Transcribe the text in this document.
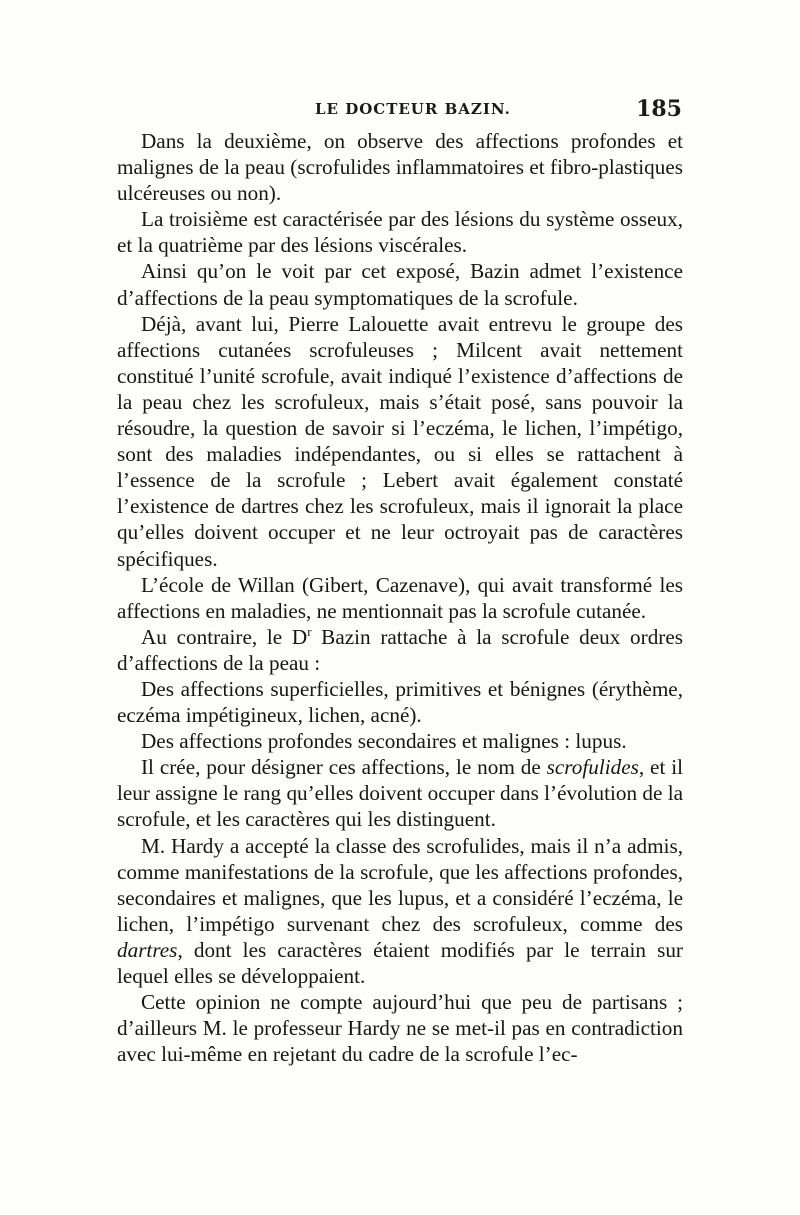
LE DOCTEUR BAZIN.	185

Dans la deuxième, on observe des affections profondes et malignes de la peau (scrofulides inflammatoires et fibro-plastiques ulcéreuses ou non).

La troisième est caractérisée par des lésions du système osseux, et la quatrième par des lésions viscérales.

Ainsi qu’on le voit par cet exposé, Bazin admet l’existence d’affections de la peau symptomatiques de la scrofule.

Déjà, avant lui, Pierre Lalouette avait entrevu le groupe des affections cutanées scrofuleuses ; Milcent avait nettement constitué l’unité scrofule, avait indiqué l’existence d’affections de la peau chez les scrofuleux, mais s’était posé, sans pouvoir la résoudre, la question de savoir si l’eczéma, le lichen, l’impétigo, sont des maladies indépendantes, ou si elles se rattachent à l’essence de la scrofule ; Lebert avait également constaté l’existence de dartres chez les scrofuleux, mais il ignorait la place qu’elles doivent occuper et ne leur octroyait pas de caractères spécifiques.

L’école de Willan (Gibert, Cazenave), qui avait transformé les affections en maladies, ne mentionnait pas la scrofule cutanée.

Au contraire, le $D^r$ Bazin rattache à la scrofule deux ordres d’affections de la peau :

Des affections superficielles, primitives et bénignes (érythème, eczéma impétigineux, lichen, acné).

Des affections profondes secondaires et malignes : lupus.

Il crée, pour désigner ces affections, le nom de scrofulides, et il leur assigne le rang qu’elles doivent occuper dans l’évolution de la scrofule, et les caractères qui les distinguent.

M. Hardy a accepté la classe des scrofulides, mais il n’a admis, comme manifestations de la scrofule, que les affections profondes, secondaires et malignes, que les lupus, et a considéré l’eczéma, le lichen, l’impétigo survenant chez des scrofuleux, comme des dartres, dont les caractères étaient modifiés par le terrain sur lequel elles se développaient.

Cette opinion ne compte aujourd’hui que peu de partisans ; d’ailleurs M. le professeur Hardy ne se met-il pas en contradiction avec lui-même en rejetant du cadre de la scrofule l’ec-
